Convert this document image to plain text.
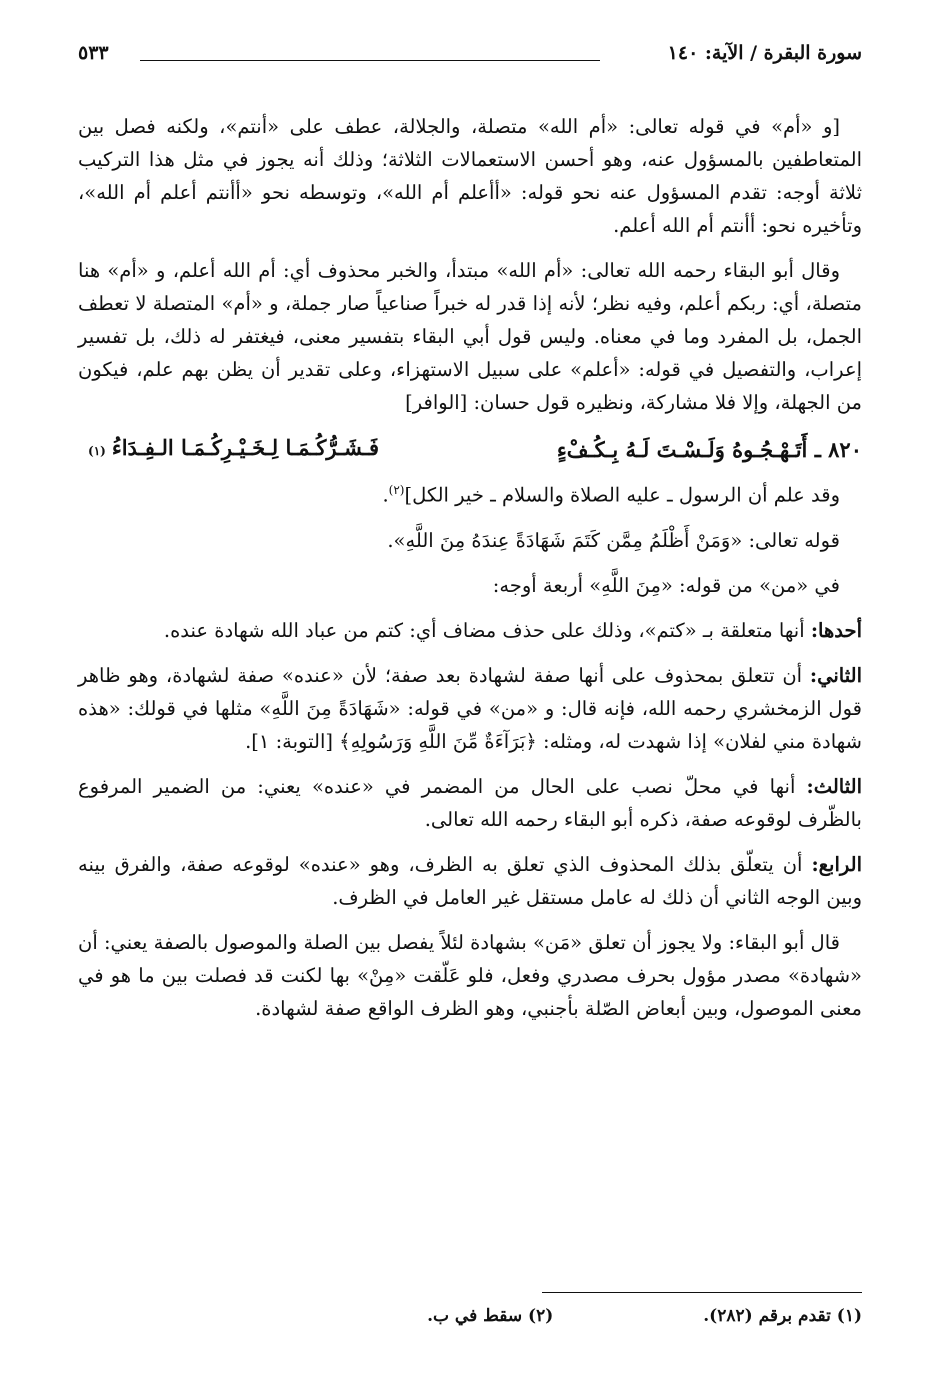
سورة البقرة / الآية: ١٤٠
٥٣٣

[و «أم» في قوله تعالى: «أم الله» متصلة، والجلالة، عطف على «أنتم»، ولكنه فصل بين المتعاطفين بالمسؤول عنه، وهو أحسن الاستعمالات الثلاثة؛ وذلك أنه يجوز في مثل هذا التركيب ثلاثة أوجه: تقدم المسؤول عنه نحو قوله: «أأعلم أم الله»، وتوسطه نحو «أأنتم أعلم أم الله»، وتأخيره نحو: أأنتم أم الله أعلم.

وقال أبو البقاء رحمه الله تعالى: «أم الله» مبتدأ، والخبر محذوف أي: أم الله أعلم، و «أم» هنا متصلة، أي: ربكم أعلم، وفيه نظر؛ لأنه إذا قدر له خبراً صناعياً صار جملة، و «أم» المتصلة لا تعطف الجمل، بل المفرد وما في معناه. وليس قول أبي البقاء بتفسير معنى، فيغتفر له ذلك، بل تفسير إعراب، والتفصيل في قوله: «أعلم» على سبيل الاستهزاء، وعلى تقدير أن يظن بهم علم، فيكون من الجهلة، وإلا فلا مشاركة، ونظيره قول حسان: [الوافر]

٨٢٠ ـ أَتَـهْـجُـوهُ وَلَـسْـتَ لَـهُ بِـكُـفْءٍ
فَـشَـرُّكُـمَـا لِـخَـيْـرِكُـمَـا الـفِـدَاءُ
(١)

وقد علم أن الرسول ـ عليه الصلاة والسلام ـ خير الكل]$^{(٢)}$.

قوله تعالى: «وَمَنْ أَظْلَمُ مِمَّن كَتَمَ شَهَادَةً عِندَهُ مِنَ اللَّهِ».

في «من» من قوله: «مِنَ اللَّهِ» أربعة أوجه:

أحدها: أنها متعلقة بـ «كتم»، وذلك على حذف مضاف أي: كتم من عباد الله شهادة عنده.

الثاني: أن تتعلق بمحذوف على أنها صفة لشهادة بعد صفة؛ لأن «عنده» صفة لشهادة، وهو ظاهر قول الزمخشري رحمه الله، فإنه قال: و «من» في قوله: «شَهَادَةً مِنَ اللَّهِ» مثلها في قولك: «هذه شهادة مني لفلان» إذا شهدت له، ومثله: ﴿بَرَآءَةٌ مِّنَ اللَّهِ وَرَسُولِهِ﴾ [التوبة: ١].

الثالث: أنها في محلّ نصب على الحال من المضمر في «عنده» يعني: من الضمير المرفوع بالظّرف لوقوعه صفة، ذكره أبو البقاء رحمه الله تعالى.

الرابع: أن يتعلّق بذلك المحذوف الذي تعلق به الظرف، وهو «عنده» لوقوعه صفة، والفرق بينه وبين الوجه الثاني أن ذلك له عامل مستقل غير العامل في الظرف.

قال أبو البقاء: ولا يجوز أن تعلق «مَن» بشهادة لئلاً يفصل بين الصلة والموصول بالصفة يعني: أن «شهادة» مصدر مؤول بحرف مصدري وفعل، فلو عَلّقت «مِنْ» بها لكنت قد فصلت بين ما هو في معنى الموصول، وبين أبعاض الصّلة بأجنبي، وهو الظرف الواقع صفة لشهادة.

(١) تقدم برقم (٢٨٢).
(٢) سقط في ب.
